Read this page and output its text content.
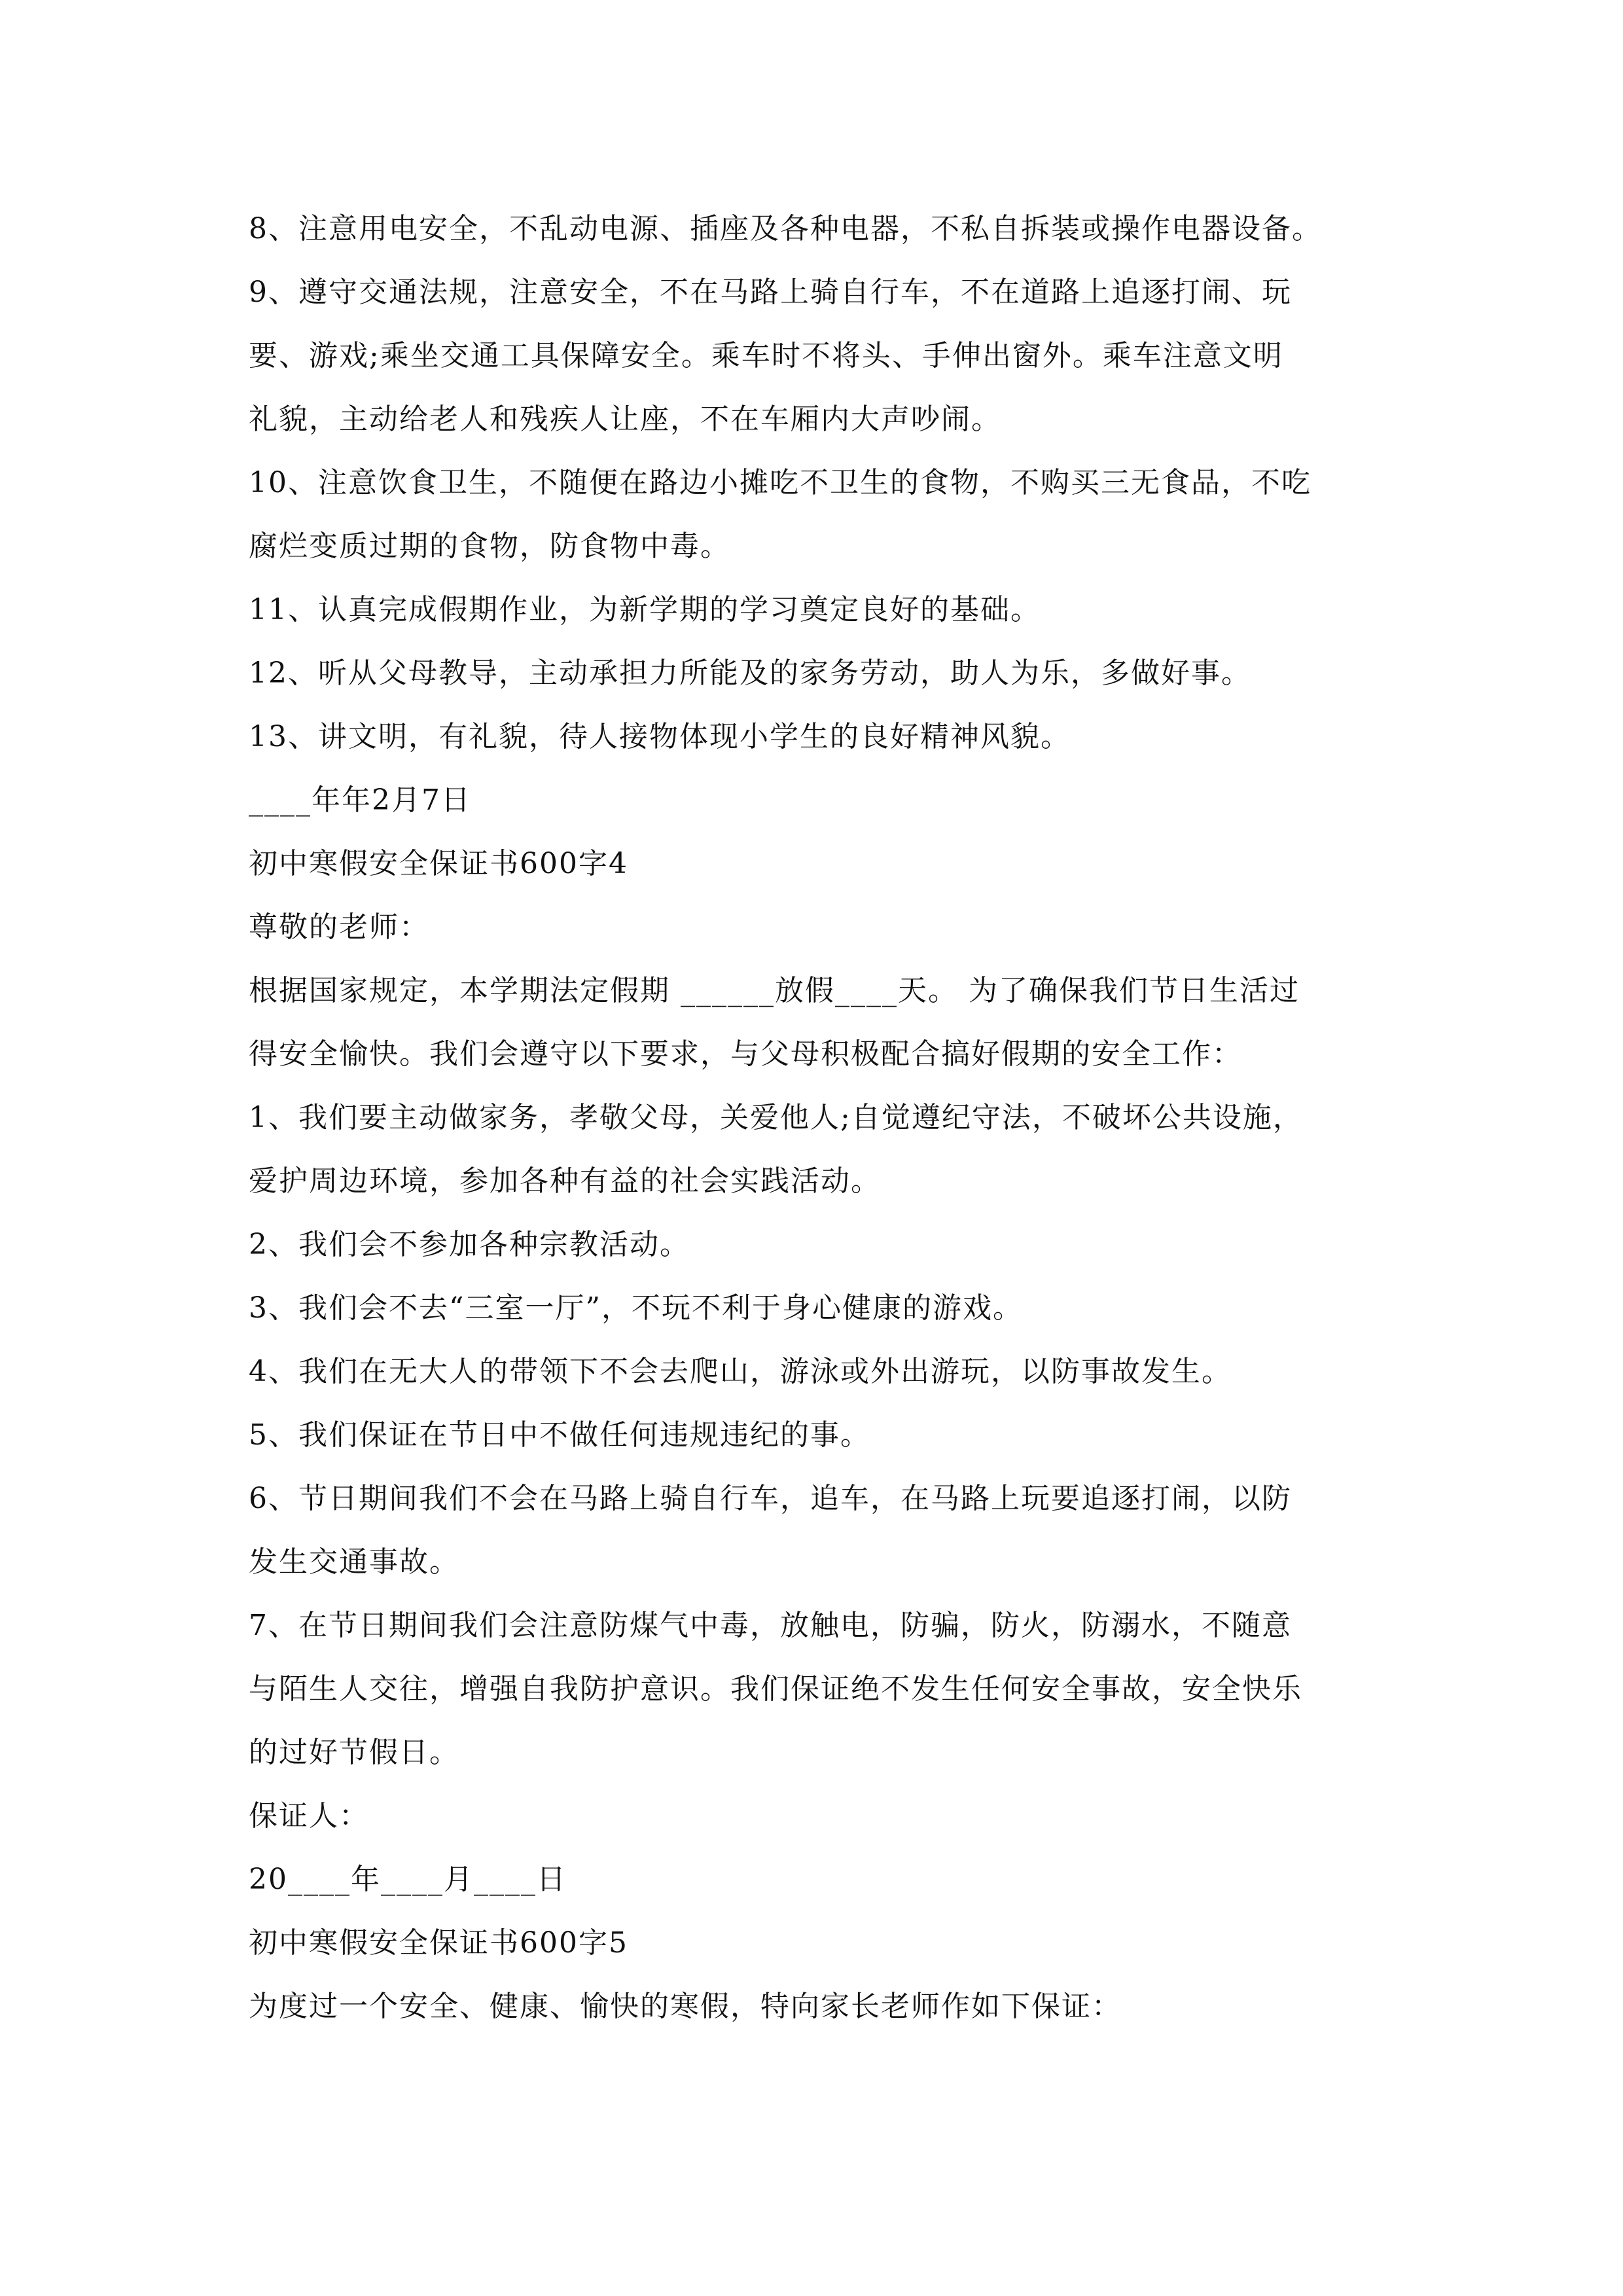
8、注意用电安全，不乱动电源、插座及各种电器，不私自拆装或操作电器设备。
9、遵守交通法规，注意安全，不在马路上骑自行车，不在道路上追逐打闹、玩
要、游戏;乘坐交通工具保障安全。乘车时不将头、手伸出窗外。乘车注意文明
礼貌，主动给老人和残疾人让座，不在车厢内大声吵闹。
10、注意饮食卫生，不随便在路边小摊吃不卫生的食物，不购买三无食品，不吃
腐烂变质过期的食物，防食物中毒。
11、认真完成假期作业，为新学期的学习奠定良好的基础。
12、听从父母教导，主动承担力所能及的家务劳动，助人为乐，多做好事。
13、讲文明，有礼貌，待人接物体现小学生的良好精神风貌。
____年年2月7日
初中寒假安全保证书600字4
尊敬的老师：
根据国家规定，本学期法定假期 ______放假____天。 为了确保我们节日生活过
得安全愉快。我们会遵守以下要求，与父母积极配合搞好假期的安全工作：
1、我们要主动做家务，孝敬父母，关爱他人;自觉遵纪守法，不破坏公共设施，
爱护周边环境，参加各种有益的社会实践活动。
2、我们会不参加各种宗教活动。
3、我们会不去“三室一厅”，不玩不利于身心健康的游戏。
4、我们在无大人的带领下不会去爬山，游泳或外出游玩，以防事故发生。
5、我们保证在节日中不做任何违规违纪的事。
6、节日期间我们不会在马路上骑自行车，追车，在马路上玩要追逐打闹，以防
发生交通事故。
7、在节日期间我们会注意防煤气中毒，放触电，防骗，防火，防溺水，不随意
与陌生人交往，增强自我防护意识。我们保证绝不发生任何安全事故，安全快乐
的过好节假日。
保证人：
20____年____月____日
初中寒假安全保证书600字5
为度过一个安全、健康、愉快的寒假，特向家长老师作如下保证：
